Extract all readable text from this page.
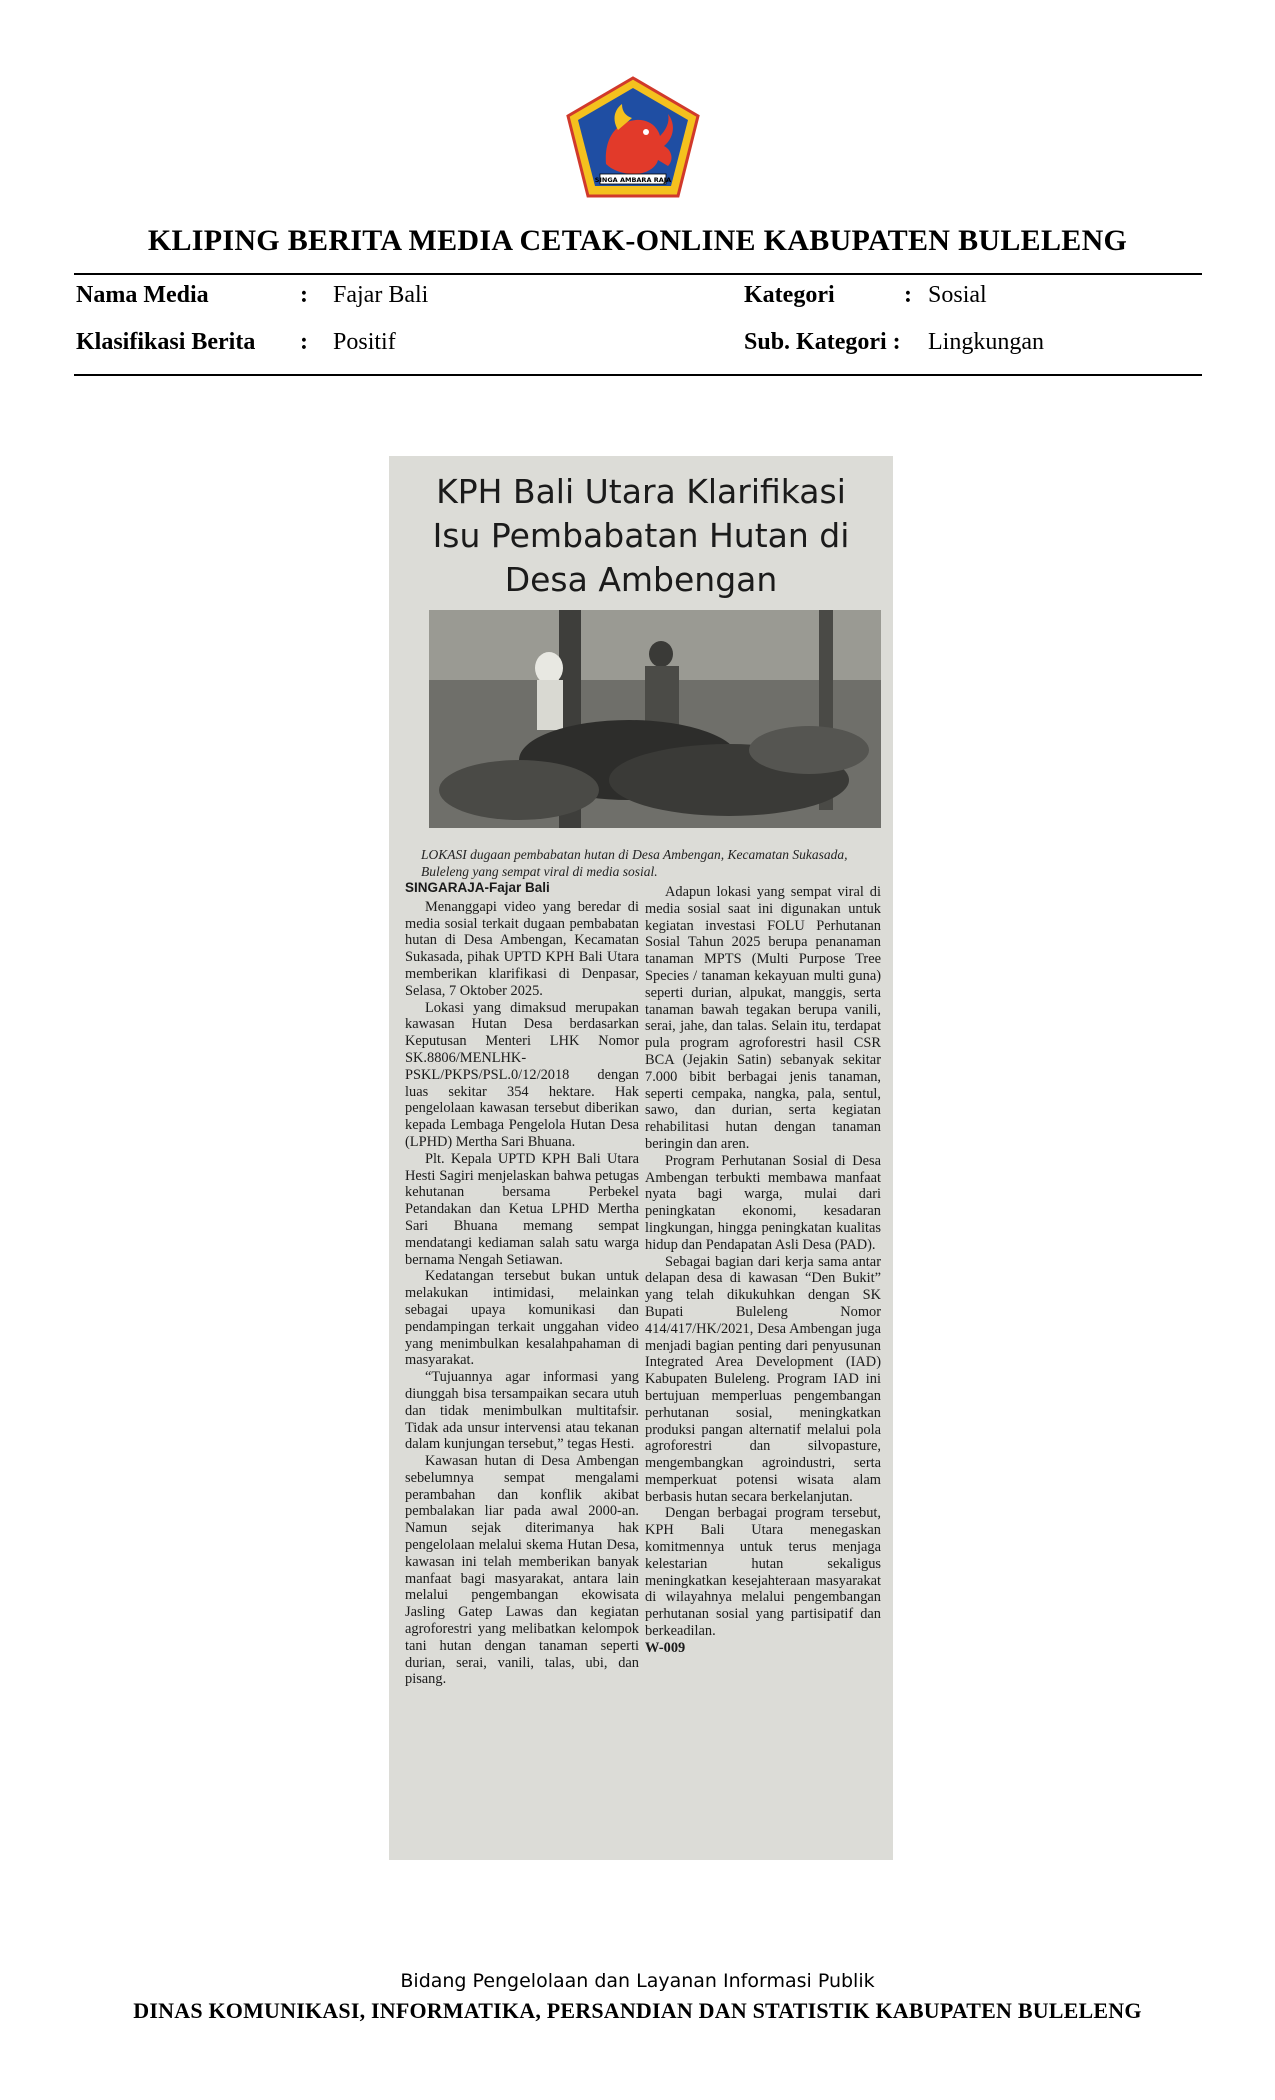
SINGA AMBARA RAJA
KLIPING BERITA MEDIA CETAK-ONLINE KABUPATEN BULELENG
Nama Media	: Fajar Bali	Kategori	: Sosial
Klasifikasi Berita : Positif	Sub. Kategori : Lingkungan
KPH Bali Utara Klarifikasi
Isu Pembabatan Hutan di
Desa Ambengan
LOKASI dugaan pembabatan hutan di Desa Ambengan, Kecamatan Sukasada, Buleleng yang sempat viral di media sosial.

SINGARAJA-Fajar Bali

Menanggapi video yang beredar di media sosial terkait dugaan pembabatan hutan di Desa Ambengan, Kecamatan Sukasada, pihak UPTD KPH Bali Utara memberikan klarifikasi di Denpasar, Selasa, 7 Oktober 2025.

Lokasi yang dimaksud merupakan kawasan Hutan Desa berdasarkan Keputusan Menteri LHK Nomor SK.8806/MENLHK-PSKL/PKPS/PSL.0/12/2018 dengan luas sekitar 354 hektare. Hak pengelolaan kawasan tersebut diberikan kepada Lembaga Pengelola Hutan Desa (LPHD) Mertha Sari Bhuana.

Plt. Kepala UPTD KPH Bali Utara Hesti Sagiri menjelaskan bahwa petugas kehutanan bersama Perbekel Petandakan dan Ketua LPHD Mertha Sari Bhuana memang sempat mendatangi kediaman salah satu warga bernama Nengah Setiawan.

Kedatangan tersebut bukan untuk melakukan intimidasi, melainkan sebagai upaya komunikasi dan pendampingan terkait unggahan video yang menimbulkan kesalahpahaman di masyarakat.

“Tujuannya agar informasi yang diunggah bisa tersampaikan secara utuh dan tidak menimbulkan multitafsir. Tidak ada unsur intervensi atau tekanan dalam kunjungan tersebut,” tegas Hesti.

Kawasan hutan di Desa Ambengan sebelumnya sempat mengalami perambahan dan konflik akibat pembalakan liar pada awal 2000-an. Namun sejak diterimanya hak pengelolaan melalui skema Hutan Desa, kawasan ini telah memberikan banyak manfaat bagi masyarakat, antara lain melalui pengembangan ekowisata Jasling Gatep Lawas dan kegiatan agroforestri yang melibatkan kelompok tani hutan dengan tanaman seperti durian, serai, vanili, talas, ubi, dan pisang.

Adapun lokasi yang sempat viral di media sosial saat ini digunakan untuk kegiatan investasi FOLU Perhutanan Sosial Tahun 2025 berupa penanaman tanaman MPTS (Multi Purpose Tree Species / tanaman kekayuan multi guna) seperti durian, alpukat, manggis, serta tanaman bawah tegakan berupa vanili, serai, jahe, dan talas. Selain itu, terdapat pula program agroforestri hasil CSR BCA (Jejakin Satin) sebanyak sekitar 7.000 bibit berbagai jenis tanaman, seperti cempaka, nangka, pala, sentul, sawo, dan durian, serta kegiatan rehabilitasi hutan dengan tanaman beringin dan aren.

Program Perhutanan Sosial di Desa Ambengan terbukti membawa manfaat nyata bagi warga, mulai dari peningkatan ekonomi, kesadaran lingkungan, hingga peningkatan kualitas hidup dan Pendapatan Asli Desa (PAD).

Sebagai bagian dari kerja sama antar delapan desa di kawasan “Den Bukit” yang telah dikukuhkan dengan SK Bupati Buleleng Nomor 414/417/HK/2021, Desa Ambengan juga menjadi bagian penting dari penyusunan Integrated Area Development (IAD) Kabupaten Buleleng. Program IAD ini bertujuan memperluas pengembangan perhutanan sosial, meningkatkan produksi pangan alternatif melalui pola agroforestri dan silvopasture, mengembangkan agroindustri, serta memperkuat potensi wisata alam berbasis hutan secara berkelanjutan.

Dengan berbagai program tersebut, KPH Bali Utara menegaskan komitmennya untuk terus menjaga kelestarian hutan sekaligus meningkatkan kesejahteraan masyarakat di wilayahnya melalui pengembangan perhutanan sosial yang partisipatif dan berkeadilan.

W-009

Bidang Pengelolaan dan Layanan Informasi Publik
DINAS KOMUNIKASI, INFORMATIKA, PERSANDIAN DAN STATISTIK KABUPATEN BULELENG
